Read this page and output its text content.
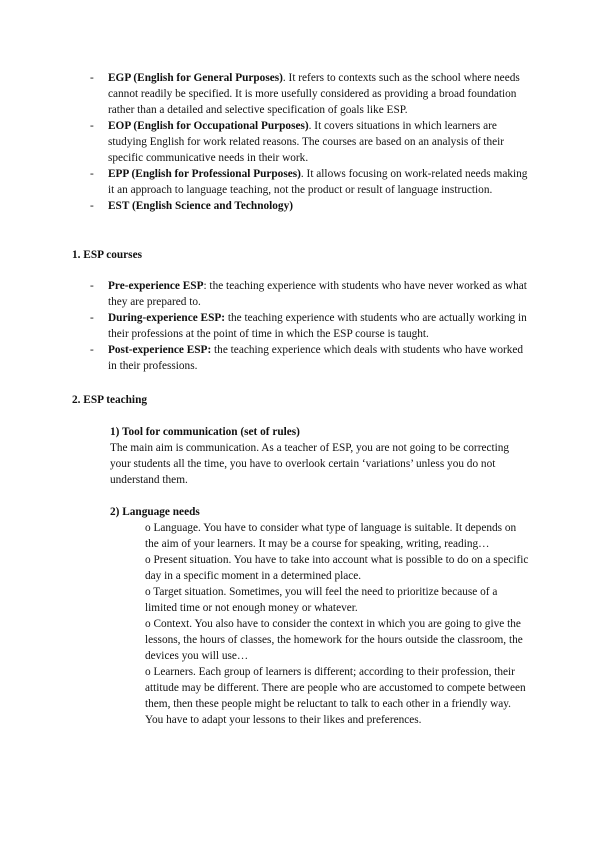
- EGP (English for General Purposes). It refers to contexts such as the school where needs cannot readily be specified. It is more usefully considered as providing a broad foundation rather than a detailed and selective specification of goals like ESP.
- EOP (English for Occupational Purposes). It covers situations in which learners are studying English for work related reasons. The courses are based on an analysis of their specific communicative needs in their work.
- EPP (English for Professional Purposes). It allows focusing on work-related needs making it an approach to language teaching, not the product or result of language instruction.
- EST (English Science and Technology)
1. ESP courses
- Pre-experience ESP: the teaching experience with students who have never worked as what they are prepared to.
- During-experience ESP: the teaching experience with students who are actually working in their professions at the point of time in which the ESP course is taught.
- Post-experience ESP: the teaching experience which deals with students who have worked in their professions.
2. ESP teaching
1) Tool for communication (set of rules)
The main aim is communication. As a teacher of ESP, you are not going to be correcting your students all the time, you have to overlook certain ‘variations’ unless you do not understand them.
2) Language needs
o Language. You have to consider what type of language is suitable. It depends on the aim of your learners. It may be a course for speaking, writing, reading…
o Present situation. You have to take into account what is possible to do on a specific day in a specific moment in a determined place.
o Target situation. Sometimes, you will feel the need to prioritize because of a limited time or not enough money or whatever.
o Context. You also have to consider the context in which you are going to give the lessons, the hours of classes, the homework for the hours outside the classroom, the devices you will use…
o Learners. Each group of learners is different; according to their profession, their attitude may be different. There are people who are accustomed to compete between them, then these people might be reluctant to talk to each other in a friendly way. You have to adapt your lessons to their likes and preferences.
